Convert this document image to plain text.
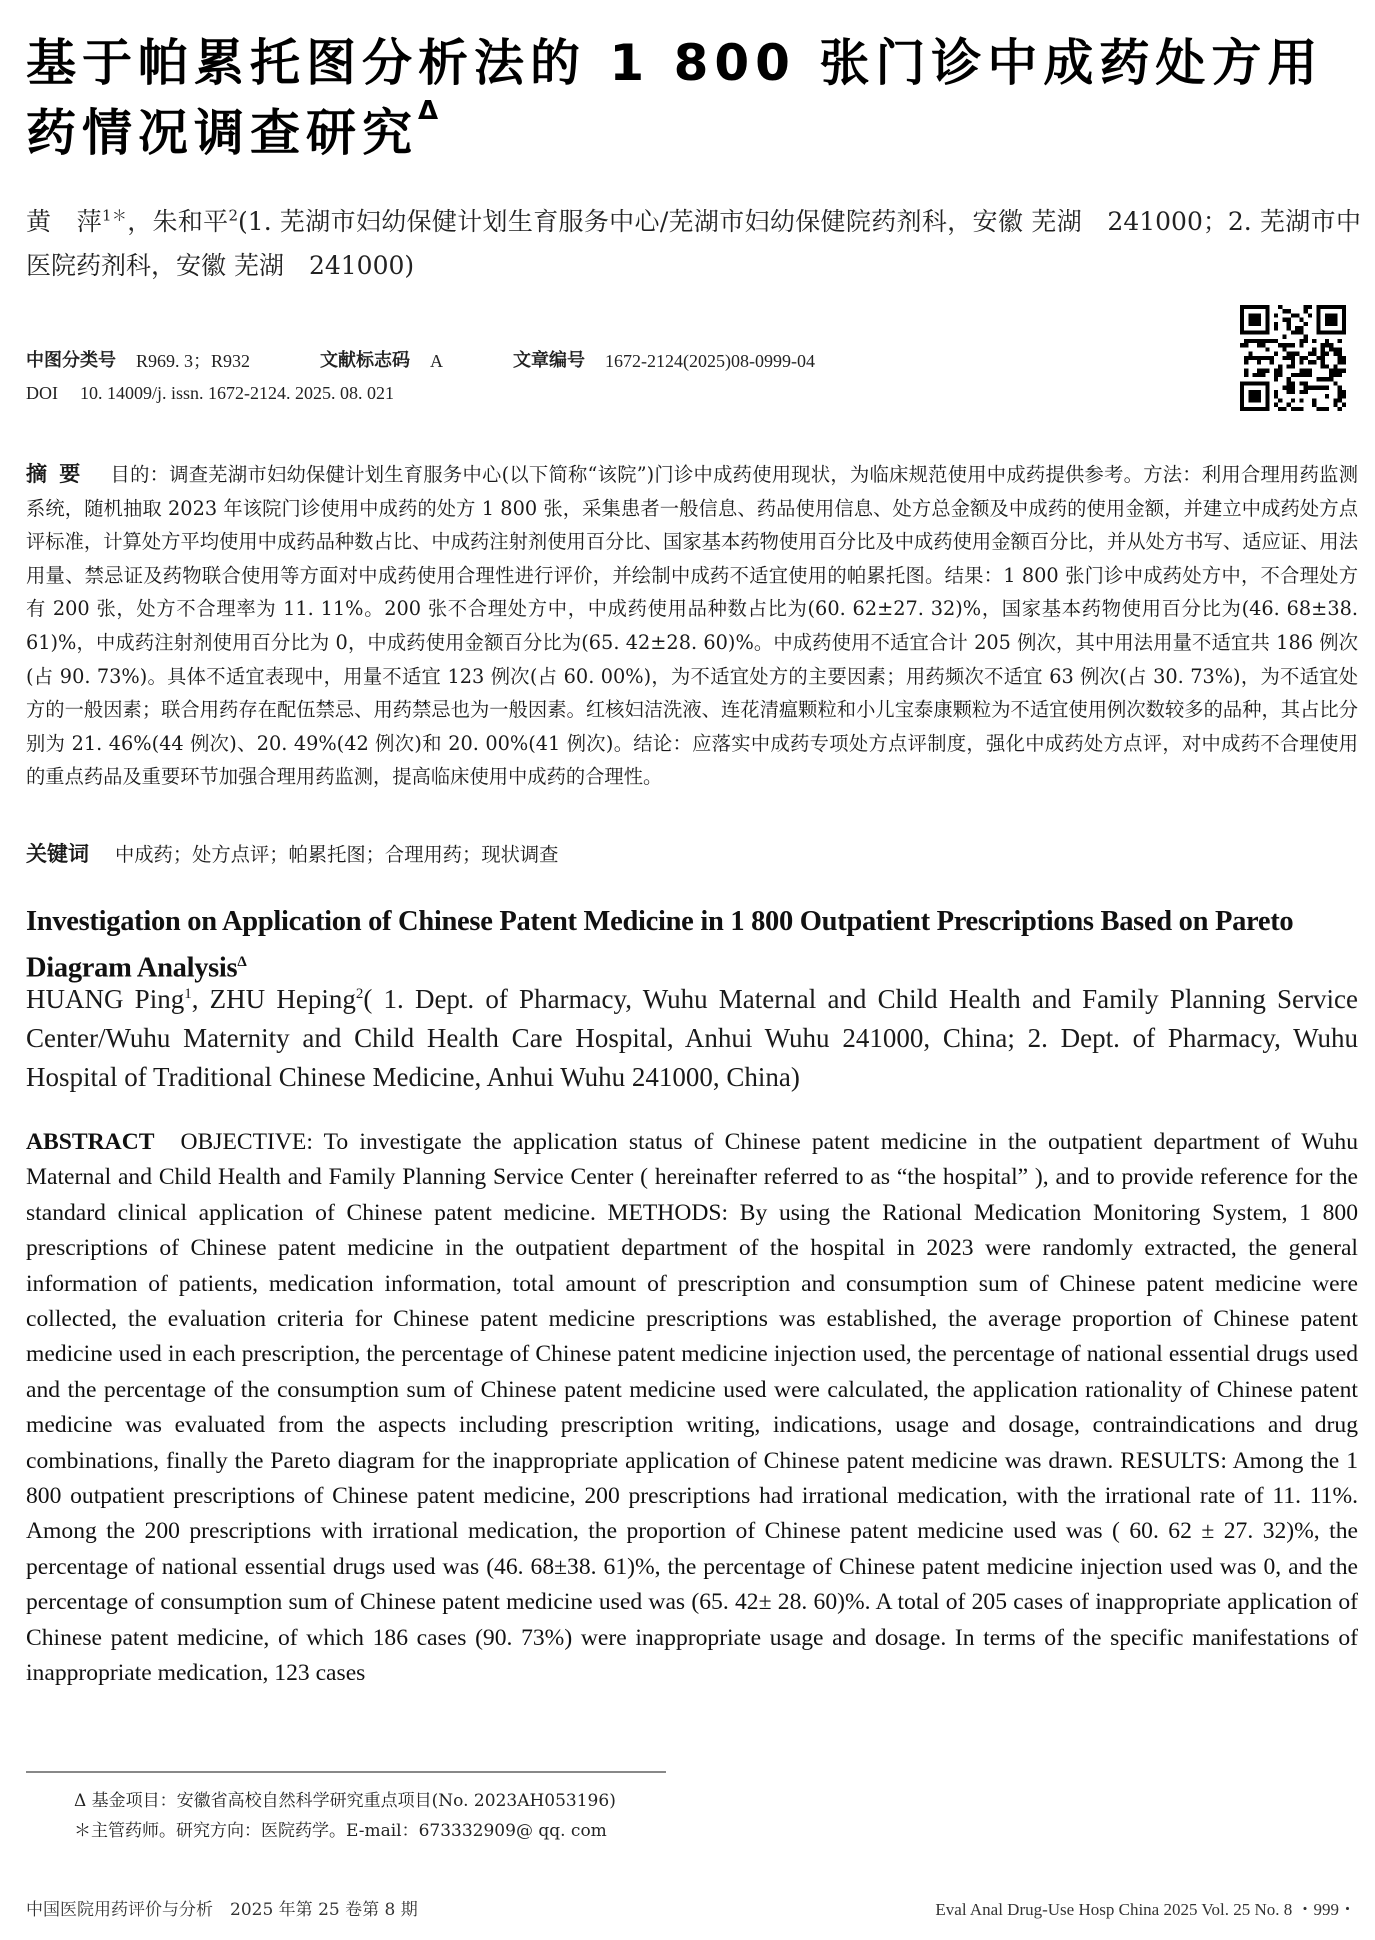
基于帕累托图分析法的 1 800 张门诊中成药处方用药情况调查研究$^\Delta$
黄　萍$^{1*}$，朱和平$^2$(1. 芜湖市妇幼保健计划生育服务中心/芜湖市妇幼保健院药剂科，安徽 芜湖　241000；2. 芜湖市中医院药剂科，安徽 芜湖　241000)
中图分类号 R969. 3；R932	文献标志码 A	文章编号 1672-2124(2025)08-0999-04
DOI 10. 14009/j. issn. 1672-2124. 2025. 08. 021
摘要 目的：调查芜湖市妇幼保健计划生育服务中心(以下简称“该院”)门诊中成药使用现状，为临床规范使用中成药提供参考。方法：利用合理用药监测系统，随机抽取 2023 年该院门诊使用中成药的处方 1 800 张，采集患者一般信息、药品使用信息、处方总金额及中成药的使用金额，并建立中成药处方点评标准，计算处方平均使用中成药品种数占比、中成药注射剂使用百分比、国家基本药物使用百分比及中成药使用金额百分比，并从处方书写、适应证、用法用量、禁忌证及药物联合使用等方面对中成药使用合理性进行评价，并绘制中成药不适宜使用的帕累托图。结果：1 800 张门诊中成药处方中，不合理处方有 200 张，处方不合理率为 11. 11%。200 张不合理处方中，中成药使用品种数占比为(60. 62±27. 32)%，国家基本药物使用百分比为(46. 68±38. 61)%，中成药注射剂使用百分比为 0，中成药使用金额百分比为(65. 42±28. 60)%。中成药使用不适宜合计 205 例次，其中用法用量不适宜共 186 例次(占 90. 73%)。具体不适宜表现中，用量不适宜 123 例次(占 60. 00%)，为不适宜处方的主要因素；用药频次不适宜 63 例次(占 30. 73%)，为不适宜处方的一般因素；联合用药存在配伍禁忌、用药禁忌也为一般因素。红核妇洁洗液、连花清瘟颗粒和小儿宝泰康颗粒为不适宜使用例次数较多的品种，其占比分别为 21. 46%(44 例次)、20. 49%(42 例次)和 20. 00%(41 例次)。结论：应落实中成药专项处方点评制度，强化中成药处方点评，对中成药不合理使用的重点药品及重要环节加强合理用药监测，提高临床使用中成药的合理性。
关键词 中成药；处方点评；帕累托图；合理用药；现状调查
Investigation on Application of Chinese Patent Medicine in 1 800 Outpatient Prescriptions Based on Pareto Diagram Analysis$^\Delta$
HUANG Ping$^1$, ZHU Heping$^2$( 1. Dept. of Pharmacy, Wuhu Maternal and Child Health and Family Planning Service Center/Wuhu Maternity and Child Health Care Hospital, Anhui Wuhu 241000, China; 2. Dept. of Pharmacy, Wuhu Hospital of Traditional Chinese Medicine, Anhui Wuhu 241000, China)
ABSTRACT OBJECTIVE: To investigate the application status of Chinese patent medicine in the outpatient department of Wuhu Maternal and Child Health and Family Planning Service Center ( hereinafter referred to as “the hospital” ), and to provide reference for the standard clinical application of Chinese patent medicine. METHODS: By using the Rational Medication Monitoring System, 1 800 prescriptions of Chinese patent medicine in the outpatient department of the hospital in 2023 were randomly extracted, the general information of patients, medication information, total amount of prescription and consumption sum of Chinese patent medicine were collected, the evaluation criteria for Chinese patent medicine prescriptions was established, the average proportion of Chinese patent medicine used in each prescription, the percentage of Chinese patent medicine injection used, the percentage of national essential drugs used and the percentage of the consumption sum of Chinese patent medicine used were calculated, the application rationality of Chinese patent medicine was evaluated from the aspects including prescription writing, indications, usage and dosage, contraindications and drug combinations, finally the Pareto diagram for the inappropriate application of Chinese patent medicine was drawn. RESULTS: Among the 1 800 outpatient prescriptions of Chinese patent medicine, 200 prescriptions had irrational medication, with the irrational rate of 11. 11%. Among the 200 prescriptions with irrational medication, the proportion of Chinese patent medicine used was ( 60. 62 ± 27. 32)%, the percentage of national essential drugs used was (46. 68±38. 61)%, the percentage of Chinese patent medicine injection used was 0, and the percentage of consumption sum of Chinese patent medicine used was (65. 42± 28. 60)%. A total of 205 cases of inappropriate application of Chinese patent medicine, of which 186 cases (90. 73%) were inappropriate usage and dosage. In terms of the specific manifestations of inappropriate medication, 123 cases
Δ 基金项目：安徽省高校自然科学研究重点项目(No. 2023AH053196)
＊主管药师。研究方向：医院药学。E-mail：673332909@ qq. com
中国医院用药评价与分析　2025 年第 25 卷第 8 期	Eval Anal Drug-Use Hosp China 2025 Vol. 25 No. 8 ・999・
